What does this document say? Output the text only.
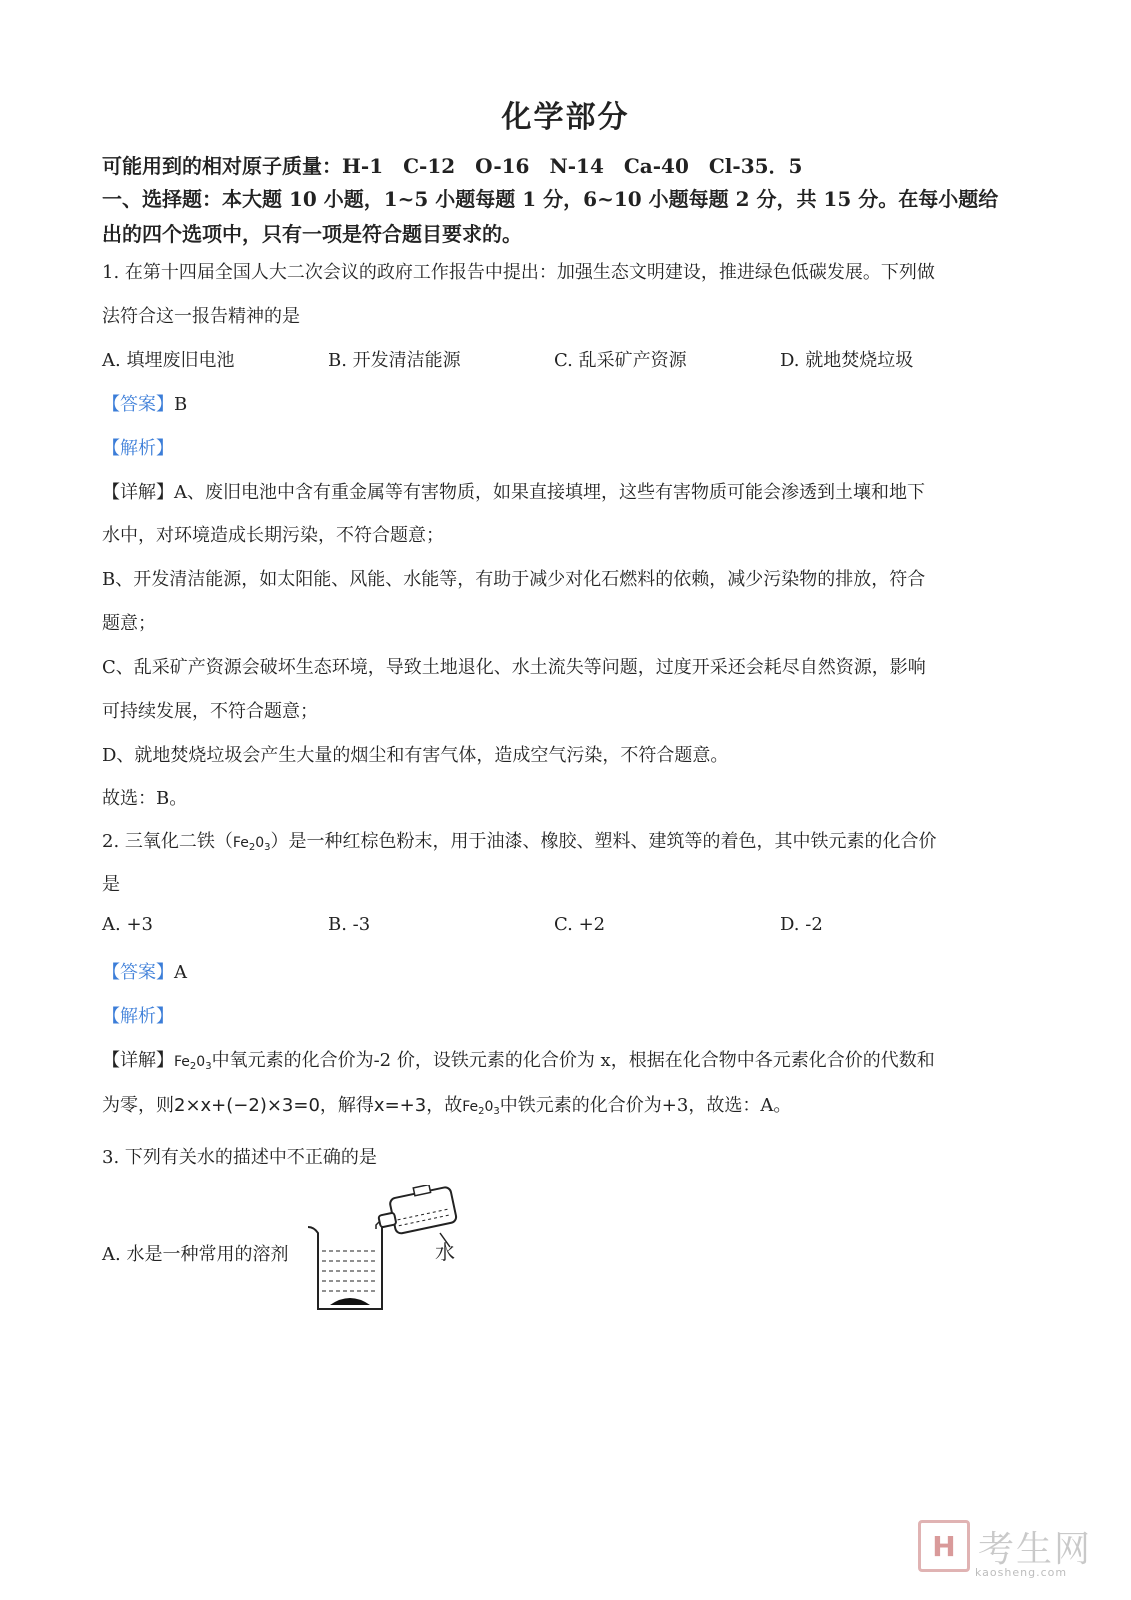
化学部分
可能用到的相对原子质量：H-1　C-12　O-16　N-14　Ca-40　Cl-35．5
一、选择题：本大题 10 小题，1~5 小题每题 1 分，6~10 小题每题 2 分，共 15 分。在每小题给
出的四个选项中，只有一项是符合题目要求的。
1. 在第十四届全国人大二次会议的政府工作报告中提出：加强生态文明建设，推进绿色低碳发展。下列做
法符合这一报告精神的是
A. 填埋废旧电池	B. 开发清洁能源	C. 乱采矿产资源	D. 就地焚烧垃圾
【答案】B
【解析】
【详解】A、废旧电池中含有重金属等有害物质，如果直接填埋，这些有害物质可能会渗透到土壤和地下
水中，对环境造成长期污染，不符合题意；
B、开发清洁能源，如太阳能、风能、水能等，有助于减少对化石燃料的依赖，减少污染物的排放，符合
题意；
C、乱采矿产资源会破坏生态环境，导致土地退化、水土流失等问题，过度开采还会耗尽自然资源，影响
可持续发展，不符合题意；
D、就地焚烧垃圾会产生大量的烟尘和有害气体，造成空气污染，不符合题意。
故选：B。
2. 三氧化二铁$(Fe_20_3)$是一种红棕色粉末，用于油漆、橡胶、塑料、建筑等的着色，其中铁元素的化合价
是
A. +3	B. -3	C. +2	D. -2
【答案】A
【解析】
【详解】$Fe_20_3$中氧元素的化合价为-2 价，设铁元素的化合价为 x，根据在化合物中各元素化合价的代数和
为零，则2×x+(−2)×3=0，解得x=+3，故$Fe_20_3$中铁元素的化合价为+3，故选：A。
3. 下列有关水的描述中不正确的是
A. 水是一种常用的溶剂	水
H 考生网
kaosheng.com
